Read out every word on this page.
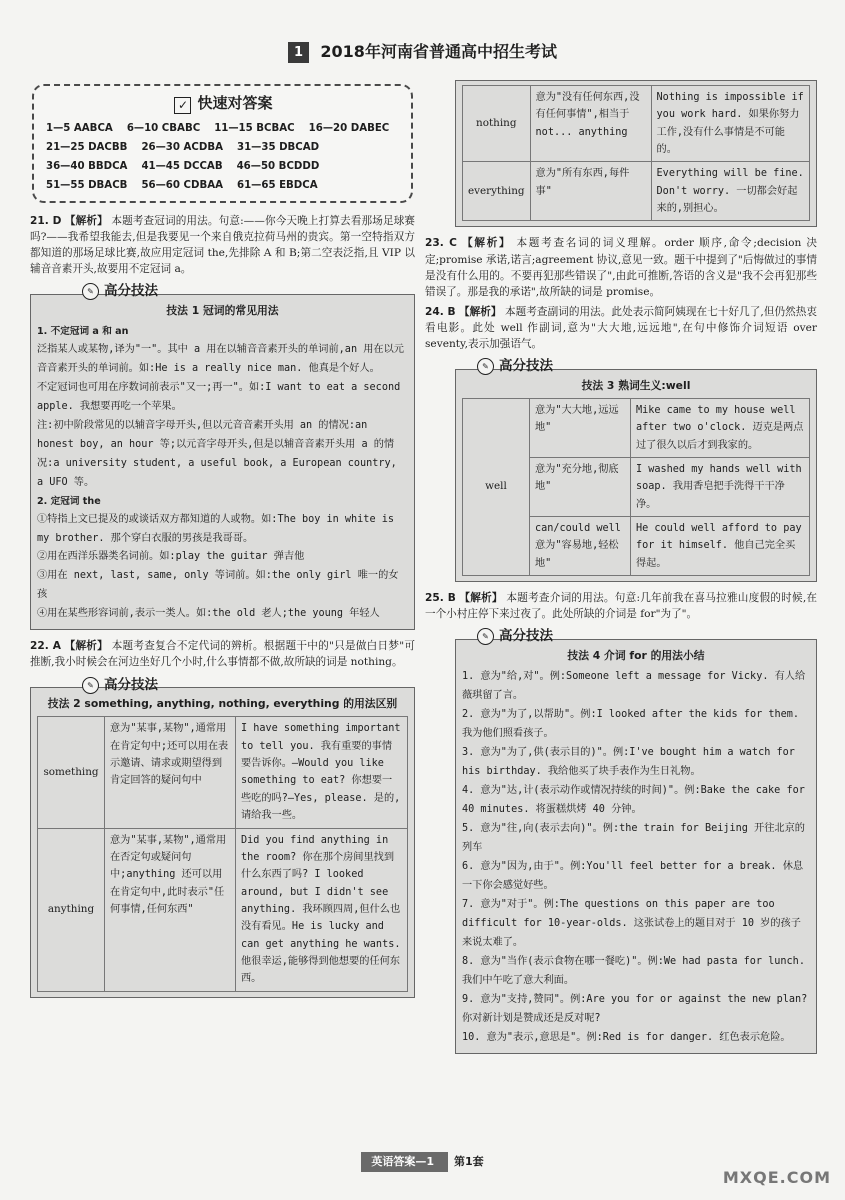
1 2018年河南省普通高中招生考试
✓ 快速对答案
1—5 AABCA 6—10 CBABC 11—15 BCBAC 16—20 DABEC
21—25 DACBB 26—30 ACDBA 31—35 DBCAD
36—40 BBDCA 41—45 DCCAB 46—50 BCDDD
51—55 DBACB 56—60 CDBAA 61—65 EBDCA

21. D 【解析】 本题考查冠词的用法。句意:——你今天晚上打算去看那场足球赛吗?——我希望我能去,但是我要见一个来自俄克拉荷马州的贵宾。第一空特指双方都知道的那场足球比赛,故应用定冠词 the,先排除 A 和 B;第二空表泛指,且 VIP 以辅音音素开头,故要用不定冠词 a。

✎ 高分技法
技法 1 冠词的常见用法
1. 不定冠词 a 和 an
泛指某人或某物,译为"一"。其中 a 用在以辅音音素开头的单词前,an 用在以元音音素开头的单词前。如:He is a really nice man. 他真是个好人。
不定冠词也可用在序数词前表示"又一;再一"。如:I want to eat a second apple. 我想要再吃一个苹果。
注:初中阶段常见的以辅音字母开头,但以元音音素开头用 an 的情况:an honest boy, an hour 等;以元音字母开头,但是以辅音音素开头用 a 的情况:a university student, a useful book, a European country, a UFO 等。
2. 定冠词 the
①特指上文已提及的或谈话双方都知道的人或物。如:The boy in white is my brother. 那个穿白衣服的男孩是我哥哥。
②用在西洋乐器类名词前。如:play the guitar 弹吉他
③用在 next, last, same, only 等词前。如:the only girl 唯一的女孩
④用在某些形容词前,表示一类人。如:the old 老人;the young 年轻人

22. A 【解析】 本题考查复合不定代词的辨析。根据题干中的"只是做白日梦"可推断,我小时候会在河边坐好几个小时,什么事情都不做,故所缺的词是 nothing。

✎ 高分技法
技法 2 something, anything, nothing, everything 的用法区别
something	意为"某事,某物",通常用在肯定句中;还可以用在表示邀请、请求或期望得到肯定回答的疑问句中	I have something important to tell you. 我有重要的事情要告诉你。—Would you like something to eat? 你想要一些吃的吗?—Yes, please. 是的,请给我一些。
anything	意为"某事,某物",通常用在否定句或疑问句中;anything 还可以用在肯定句中,此时表示"任何事情,任何东西"	Did you find anything in the room? 你在那个房间里找到什么东西了吗? I looked around, but I didn't see anything. 我环顾四周,但什么也没有看见。He is lucky and can get anything he wants. 他很幸运,能够得到他想要的任何东西。
nothing	意为"没有任何东西,没有任何事情",相当于 not... anything	Nothing is impossible if you work hard. 如果你努力工作,没有什么事情是不可能的。
everything	意为"所有东西,每件事"	Everything will be fine. Don't worry. 一切都会好起来的,别担心。

23. C 【解析】 本题考查名词的词义理解。order 顺序,命令;decision 决定;promise 承诺,诺言;agreement 协议,意见一致。题干中提到了"后悔做过的事情是没有什么用的。不要再犯那些错误了",由此可推断,答语的含义是"我不会再犯那些错误了。那是我的承诺",故所缺的词是 promise。

24. B 【解析】 本题考查副词的用法。此处表示简阿姨现在七十好几了,但仍然热衷看电影。此处 well 作副词,意为"大大地,远远地",在句中修饰介词短语 over seventy,表示加强语气。

✎ 高分技法
技法 3 熟词生义:well
well	意为"大大地,远远地"	Mike came to my house well after two o'clock. 迈克是两点过了很久以后才到我家的。
	意为"充分地,彻底地"	I washed my hands well with soap. 我用香皂把手洗得干干净净。
	can/could well 意为"容易地,轻松地"	He could well afford to pay for it himself. 他自己完全买得起。

25. B 【解析】 本题考查介词的用法。句意:几年前我在喜马拉雅山度假的时候,在一个小村庄停下来过夜了。此处所缺的介词是 for"为了"。

✎ 高分技法
技法 4 介词 for 的用法小结
1. 意为"给,对"。例:Someone left a message for Vicky. 有人给薇琪留了言。
2. 意为"为了,以帮助"。例:I looked after the kids for them. 我为他们照看孩子。
3. 意为"为了,供(表示目的)"。例:I've bought him a watch for his birthday. 我给他买了块手表作为生日礼物。
4. 意为"达,计(表示动作或情况持续的时间)"。例:Bake the cake for 40 minutes. 将蛋糕烘烤 40 分钟。
5. 意为"往,向(表示去向)"。例:the train for Beijing 开往北京的列车
6. 意为"因为,由于"。例:You'll feel better for a break. 休息一下你会感觉好些。
7. 意为"对于"。例:The questions on this paper are too difficult for 10-year-olds. 这张试卷上的题目对于 10 岁的孩子来说太难了。
8. 意为"当作(表示食物在哪一餐吃)"。例:We had pasta for lunch. 我们中午吃了意大利面。
9. 意为"支持,赞同"。例:Are you for or against the new plan? 你对新计划是赞成还是反对呢?
10. 意为"表示,意思是"。例:Red is for danger. 红色表示危险。
英语答案—1 第1套
MXQE.COM
